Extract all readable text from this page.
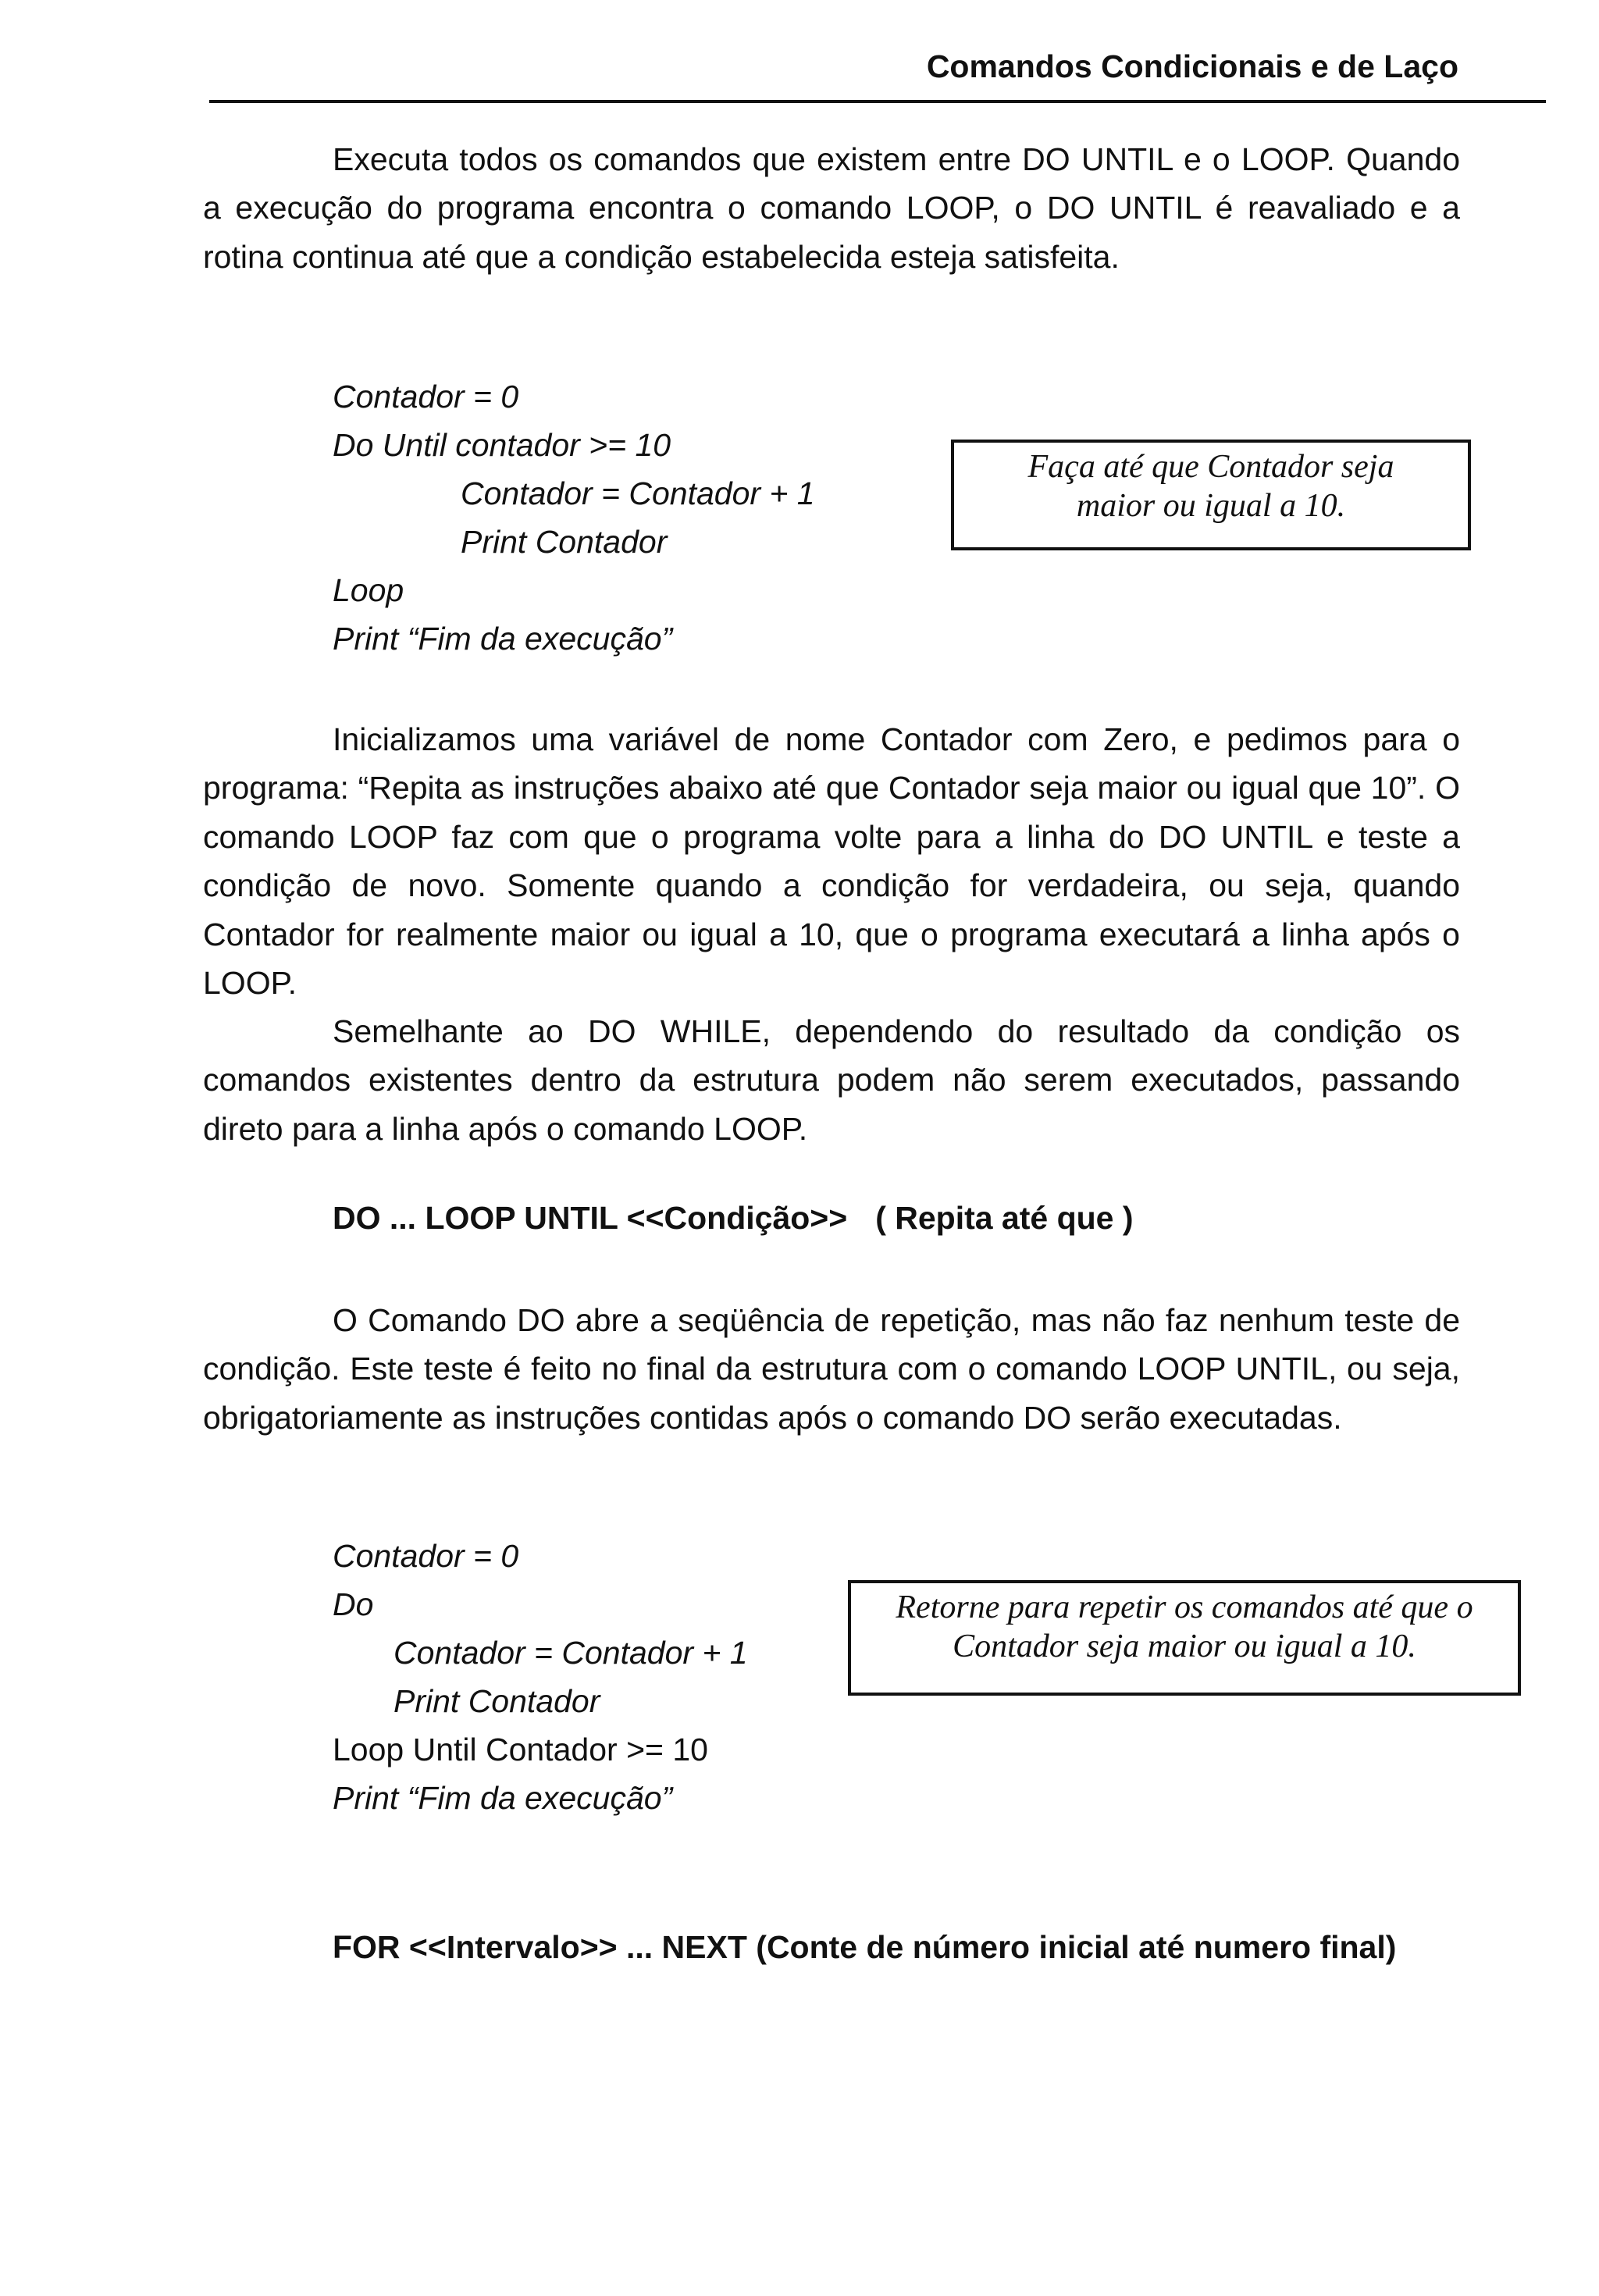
Comandos Condicionais e de Laço

Executa todos os comandos que existem entre DO UNTIL e o LOOP. Quando a execução do programa encontra o comando LOOP, o DO UNTIL é reavaliado e a rotina continua até que a condição estabelecida esteja satisfeita.

Contador = 0
Do Until contador >= 10
Contador = Contador + 1
Print Contador
Loop
Print “Fim da execução”
Faça até que Contador seja
maior ou igual a 10.

Inicializamos uma variável de nome Contador com Zero, e pedimos para o programa: “Repita as instruções abaixo até que Contador seja maior ou igual que 10”. O comando LOOP faz com que o programa volte para a linha do DO UNTIL e teste a condição de novo. Somente quando a condição for verdadeira, ou seja, quando Contador for realmente maior ou igual a 10, que o programa executará a linha após o LOOP.

Semelhante ao DO WHILE, dependendo do resultado da condição os comandos existentes dentro da estrutura podem não serem executados, passando direto para a linha após o comando LOOP.

DO ... LOOP UNTIL <<Condição>> ( Repita até que )

O Comando DO abre a seqüência de repetição, mas não faz nenhum teste de condição. Este teste é feito no final da estrutura com o comando LOOP UNTIL, ou seja, obrigatoriamente as instruções contidas após o comando DO serão executadas.

Contador = 0
Do
Contador = Contador + 1
Print Contador
Loop Until Contador >= 10
Print “Fim da execução”
Retorne para repetir os comandos até que o
Contador seja maior ou igual a 10.

FOR <<Intervalo>> ... NEXT (Conte de número inicial até numero final)
